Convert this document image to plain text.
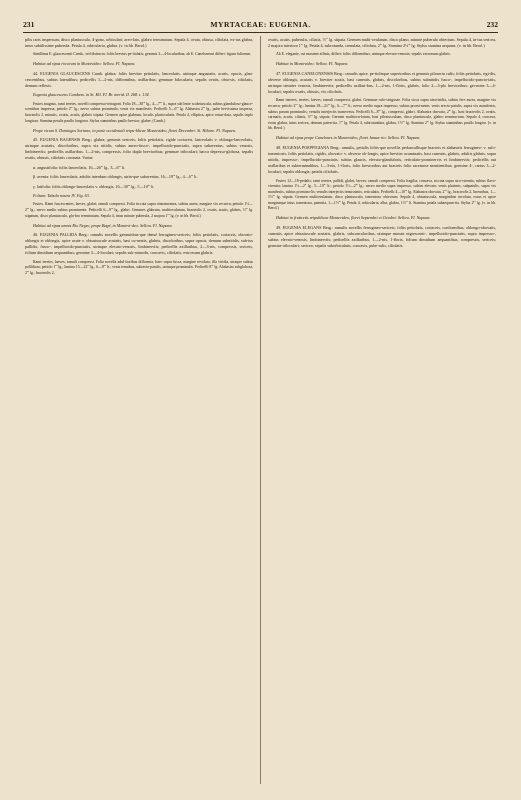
231	MYRTACEAE: EUGENIA.	232

pilis raris inspersum, disco planiusculo, 4-gono, orbiculari; areo-lato, glabro terminatum. Sepala 4, ovata, obtusa, ciliolata, ex-tus glabra, intus subtilissime puberula. Petala 4, orbicularia, glabra. (v. in hb. Berol.)

Simillima E. glaucescenti Camb., sed distincta: foliis brevius pe-tiolatis; gemmis 3—4-locularibus; ab E. Caneloneusi differt: figura foliorum.

Habitat ad ripas riworum in Montevideo: Sellow. Fl. Napaea.

44. EUGENIA GLAUCESCENS Camb. glabra; foliis breviter petiolatis, lanceolatis, utrinque angustatis, acutis, opacis, glau-cescentibus, subtus lateralibus; pedicellis 1—2-nis, difformibus, axillaribus; gemmae bilocularis; sepalis ovatis, obtu-sis, ciliolatis, demum reflexis.

Eugenia glaucescens Cambess. in St. Hil. Fl. Br. merid. II. 268. t. 134.

Frutex magnus, rami teretes, novelli compresso-tetragoni. Folia 18—30''' lg., 4—7''' lt., supra sub lente scabriuscula, subtus glanduloso-glauce-scentibus impressa; petiolo 2''' lg.; nervo subtus prominulo; venis vix manifestis. Pedicelli 5—6''' lg. Alabastra 2''' lg., pube brevissima inspersa, bracteolis 2, minutis, ovatis, acutis, glabris stipata. Germen apice glabrum, loculis pluriovulatis. Petala 4, elliptica, apice rotun-data, sepalis triplo longiora. Stamina petalis paullo longiora. Stylus staminibus paullo brevior, glaber. (Camb.)

Prope vicum S. Domingos Soriano, in parte occidentali reipu-blicae Montevideo, floret Decembri: St. Hilaire. Fl. Napaea.

45. EUGENIA BAGENSIS Berg.; glabra; gemmis sericeis; foliis petiolatis, rigide coriaceis, lanceolatis v. oblongo-lanceolatis, utrinque acutatis, discoloribus, supra vix nitidis, subtus aureo-fusco-, impellucido-punctatis, supra subavenius, subtus venosis, limbinerviis; pedicellis axillaribus, 1—2-nis, compressis, folio duplo brevioribus; gemmae triloculari; bacca depresso-globosa, sepalis ovatis, obtusis, ciliolatis coronata. Variat:

α. angustifolia: foliis lanceolatis, 16—26''' lg., 3—6''' lt.

β. avenia: foliis lanceolatis, adultis interdum oblongis, utrin-que subavenius, 16—19''' lg., 4—6''' lt.

γ. latifolia: foliis oblongo-lanceolatis v. oblongis, 16—30''' lg., 5—10''' lt.

Folium: Tabula nostra IV. Fig. 63.

Frutex. Rami fuscescentes, laeves, glabri; ramuli compressi. Folia siccata supra cinnamomea, subtus aurea, margine vix recurva; petiolo 1½—2''' lg.; nervo medio subtus prominente. Pedicelli 6—9''' lg., glabri. Gemmes glabrum, multiovulatum, bracteolis 2, ovatis, acutis, glabris, ½''' lg. stipatum, disco planiusculo, gla-bro terminatum. Sepala 4, intus minute puberula, 2 majora 1''' lg. (v. in hb. Berol.)

Habitat ad ripas amnis Rio Negro, prope Bagé, in Montevi-deo: Sellow. Fl. Napaea.

46. EUGENIA PALLIDA Berg.: ramulis novellis gemmisbus-que densé ferrugineo-sericeis; foliis petiolatis, coriaceis, obovato-oblongis et oblongis, apice acute v. obtusiuscule acutatis, basi cu-neatis, glabris, discoloribus, supra opacis, demum subnitidis, sub-tus pallidis, fusco-, impellucido-punctatis, utrinque elevato-venosis, limbinerviis; pedicellis axillaribus, 2—3-nis, compressis, sericeis, folium dimidium aequantibus; germine 3—4-loculari; sepalis sub-rotundis, concavis, ciliolatis, extrorsum glabris.

Rami teretes, laeves; ramuli compressi. Folia novella adul-tioribus difformia, haec supra fusca, margine revoluta, illa viridia, utraque subtus pallidiora; petiolo 1''' lg.; lamina 15—22''' lg., 6—8''' lt.; venis tenuibus, subrecto-patulis, utrinque prominulis. Pedicelli 8''' lg. Alabastra subglobosa, 2''' lg., bracteolis 2,

ovatis, acutis, puberulis, ciliatis, ⅓''' lg. stipata. Germen multi-ovulatum, disco plano, minute puberulo obtectum. Sepala 4, in-tus sericea, 2 majora interiora 1''' lg. Petala 4, subrotunda, crenulata, ciliolata, 2''' lg. Stamina 2½''' lg. Stylus stamina aequans. (v. in hb. Berol.)

Ab E. elegante, cui maxime affinis, differt: foliis difformibus, utrinque elevato-venosis; sepalis extrorsum glabris.

Habitat in Montevideo: Sellow. Fl. Napaea.

47. EUGENIA CANELONENSIS Berg.: ramulis apice, pe-tiolisque superioribus et gemmis piloseriu culis; foliis petiolatis, rigi-dis, obverse oblongis, acutatis v. breviter acutis, basi cuneatis, glabris, discoloribus, subtus subnitidis fusco-, impellucido-puncta-tatis, utrinque tenuiter venosis, limbinerviis; pedicellis axillari-bus, 1—2-nis, 1-floris, glabris, folio 2—3-plo brevioribus; ger-mine 3—4-loculari; sepalis ovatis, obtusis, vix ciliolatis.

Rami teneres, teretes, laeves; ramuli compressi, glabri. Gemmae rufo-strigosae. Folia sicca supra atroviridia, subtus fere aurea, margine vix recurva; petiolo 2''' lg.; lamina 18—21''' lg., 6—7''' lt.; nervo medio supra impresso, subtus promi-nente; venis erecto-patulis, supra vix manifestis, subtus parum prominulis; venulis interjectis transversis. Pedicelli 6—8''' lg., compressi, glabri. Alabastra obovata, 2''' lg., basi bracteolis 2, ovatis, carinatis, acutis, ciliatis, ½''' lg. stipata. Germen multiovu-latum, basi pilosiusculum, disco planiusculo, glabro termina-tum. Sepala 4, concava, extus glabra, intus sericea, demum paten-tia. 1''' lg. Petala 4, subrotundata, glabra, 1½''' lg. Stamina 2''' lg. Stylus staminibus paullo longior. (v. in hb. Berol.)

Habitat ad ripas prope Canelones in Montevideo, floret Janua-rio: Sellow. Fl. Napaea.

48. EUGENIA POEPPIGIANA Berg.: ramulis, petiolis foliis-que novellis peduncullisque bracteis et alabastris ferrugineo- v. rufo-tomentosis; foliis petiolatis, rigidis, obovato- v. obverse ob-longis, apice breviter acuminatis, basi cuneatis, glabris, adultis glabris, supra nitidis, impresso-, impellucido-punctatis, subtus glaucis, elevato-glandulosis, reticulato-prominervis et limbinerviis; pedicellis aut axillaribus et subterminalibus, 1—3-nis, 1-floris, folio brevioribus aut bracteis folio racemose mentientibus; germine 4-, rarius 3—2-loculari; sepalis oblongis; petalis ciliolatis.

Frutex 12—18-pedalis; rami teretes, pallidi, glabri, laeves; ramuli compressi. Folia fragilia, concava, siccata supra stro-virentia, subtus flavo-virentia; lamina 1½—2'' lg., 5—10''' lt.; petiolo 1½—2''' lg.; nervo medio supra impresso, subtus elevato; venis plurimis, subpatulis, supra vix manifestis, subtus prominu-lis; venulis interjectis tenuissimis, reticulatis. Pedicelli 4—10''' lg. Alabastra obovata, 2''' lg., bracteolis 2, linearibus, 1—1½''' lg. stipata. Germen multiovulatum, disco planiusculo, tomentoso obtectum. Sepala 4, obtusiuscula, marginibus involuta, extus et apice margineque intus tomentosa, patentia, 1—1½''' lg. Petala 4, orbicularia, alba, glabra, 1½''' lt. Stamina petala subaequan-tia. Stylus 2''' lg. (v. in hb. Berol.)

Habitat in fruticetis reipublicae Montevideo, floret Septembri et Octobri: Sellow. Fl. Napaea.

49. EUGENIA ELEGANS Berg.: ramulis novellis ferrugineo-sericeis; foliis petiolatis, coriaceis, conformibus, oblongo-obovatis, cuneatis, apice obtusiuscule acutatis, glabris, subconcoloribus, utrinque minute nigrescenti-, impellucido-punctatis, supra impresso-, subtus elevato-venosis, limbinerviis; pedicellis axillaribus, 1—2-nis, 1-floris, folium dimidium aequantibus, compressis, sericeis; germine triloculari; sericeo; sepalis suborbiculatis, concavis, pube-rulis, ciliolatis.
